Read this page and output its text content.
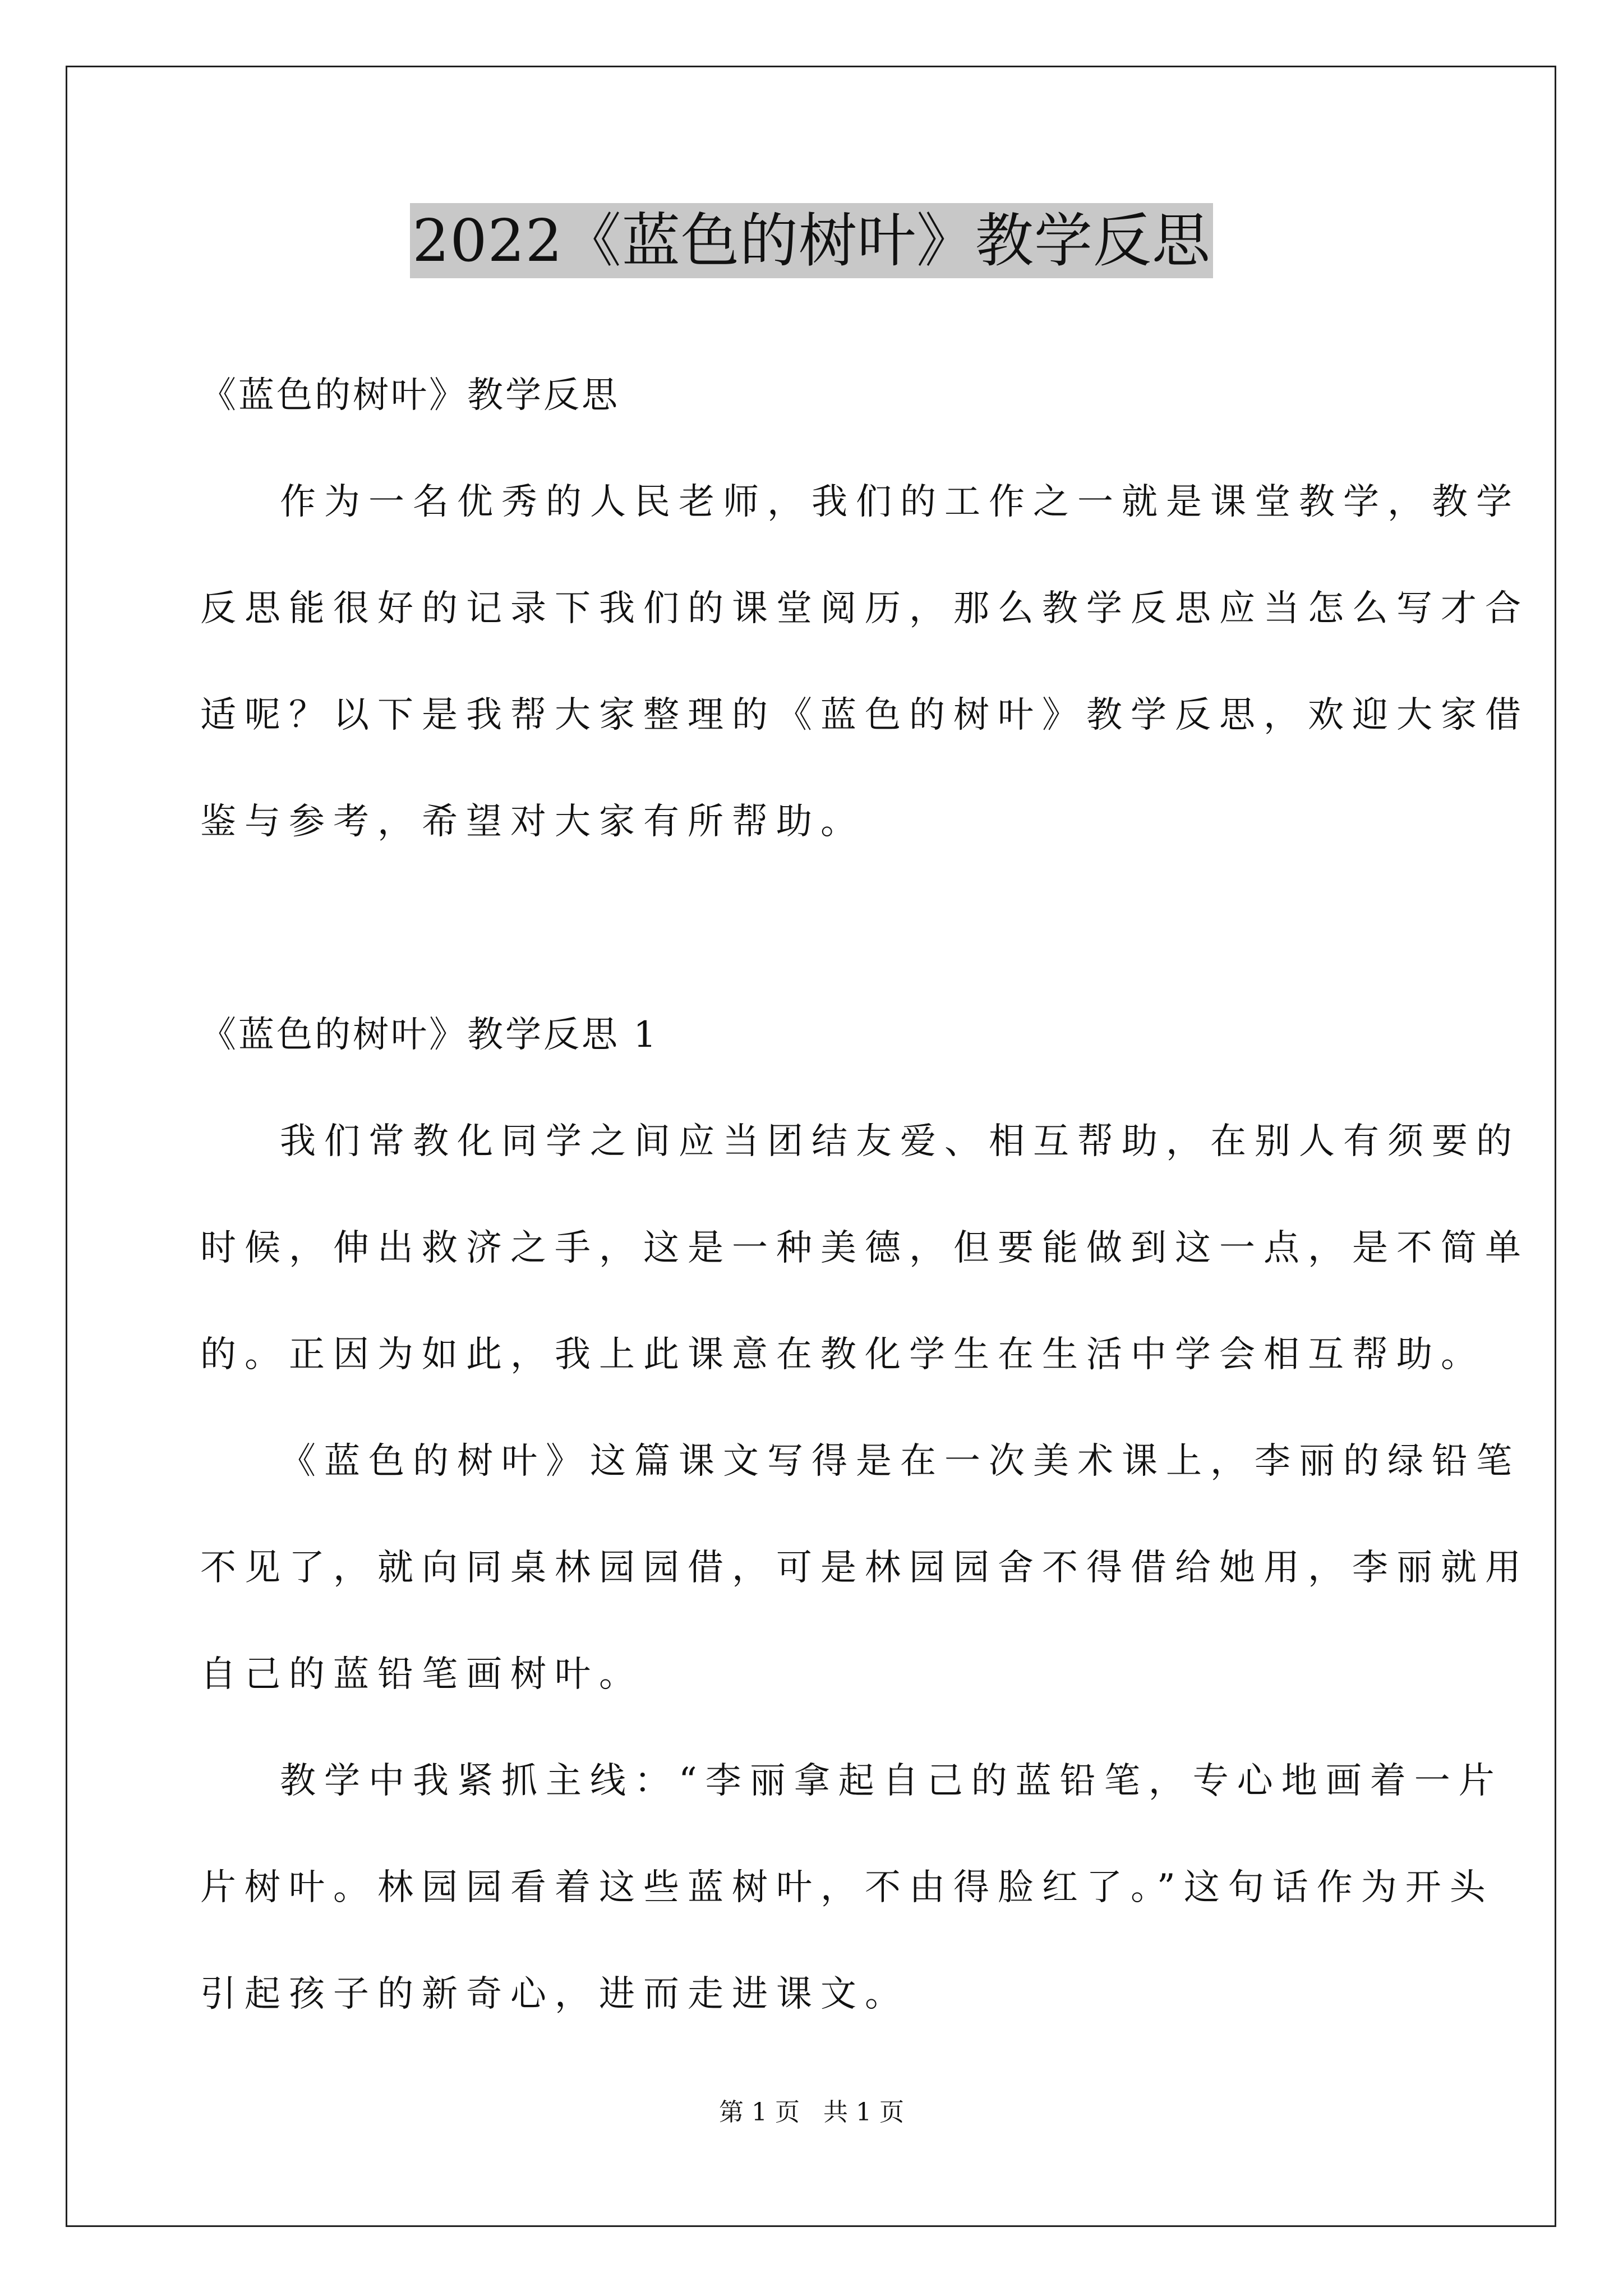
2022《蓝色的树叶》教学反思

《蓝色的树叶》教学反思

作为一名优秀的人民老师，我们的工作之一就是课堂教学，教学

反思能很好的记录下我们的课堂阅历，那么教学反思应当怎么写才合

适呢？以下是我帮大家整理的《蓝色的树叶》教学反思，欢迎大家借

鉴与参考，希望对大家有所帮助。

《蓝色的树叶》教学反思 1

我们常教化同学之间应当团结友爱、相互帮助，在别人有须要的

时候，伸出救济之手，这是一种美德，但要能做到这一点，是不简单

的。正因为如此，我上此课意在教化学生在生活中学会相互帮助。

《蓝色的树叶》这篇课文写得是在一次美术课上，李丽的绿铅笔

不见了，就向同桌林园园借，可是林园园舍不得借给她用，李丽就用

自己的蓝铅笔画树叶。

教学中我紧抓主线：“李丽拿起自己的蓝铅笔，专心地画着一片

片树叶。林园园看着这些蓝树叶，不由得脸红了。”这句话作为开头

引起孩子的新奇心，进而走进课文。

第 1 页   共 1 页
